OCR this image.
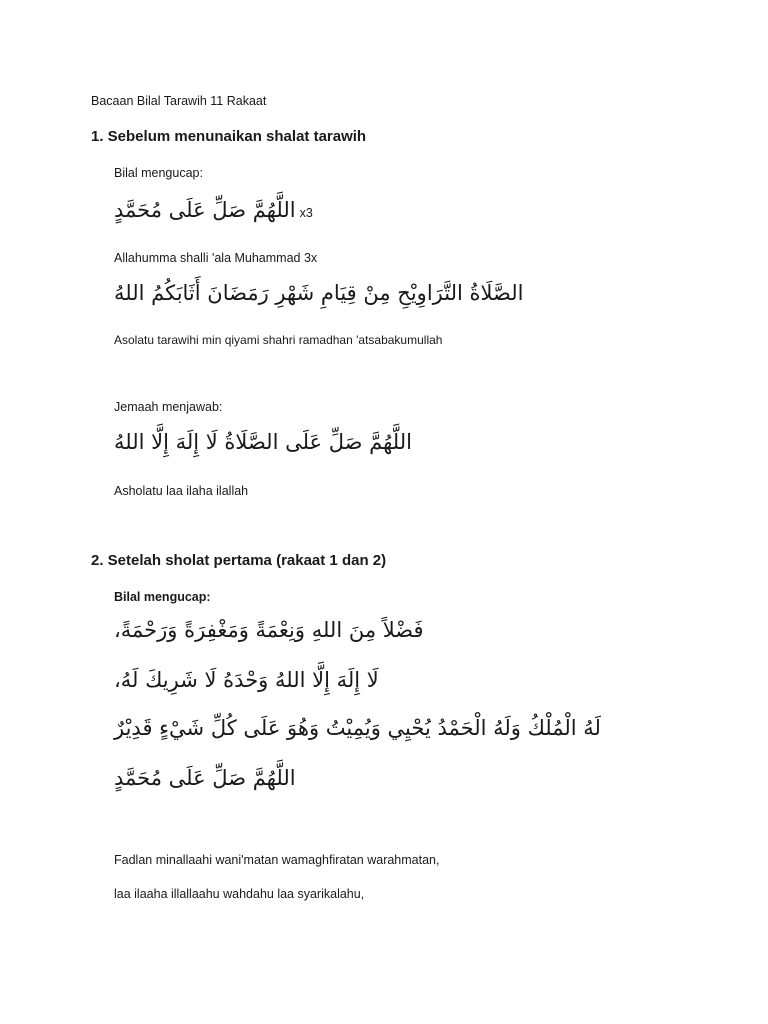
Bacaan Bilal Tarawih 11 Rakaat
1. Sebelum menunaikan shalat tarawih
Bilal mengucap:
اللَّهُمَّ صَلِّ عَلَى مُحَمَّدٍ x3
Allahumma shalli 'ala Muhammad 3x
الصَّلَاةُ التَّرَاوِيْحِ مِنْ قِيَامِ شَهْرِ رَمَضَانَ أَثَابَكُمُ اللهُ
Asolatu tarawihi min qiyami shahri ramadhan 'atsabakumullah
Jemaah menjawab:
اللَّهُمَّ صَلِّ عَلَى الصَّلَاةُ لَا إِلَهَ إِلَّا اللهُ
Asholatu laa ilaha ilallah
2. Setelah sholat pertama (rakaat 1 dan 2)
Bilal mengucap:
فَضْلاً مِنَ اللهِ وَنِعْمَةً وَمَغْفِرَةً وَرَحْمَةً،
لَا إِلَهَ إِلَّا اللهُ وَحْدَهُ لَا شَرِيكَ لَهُ،
لَهُ الْمُلْكُ وَلَهُ الْحَمْدُ يُحْيِي وَيُمِيْتُ وَهُوَ عَلَى كُلِّ شَيْءٍ قَدِيْرٌ
اللَّهُمَّ صَلِّ عَلَى مُحَمَّدٍ
Fadlan minallaahi wani'matan wamaghfiratan warahmatan,
laa ilaaha illallaahu wahdahu laa syarikalahu,
